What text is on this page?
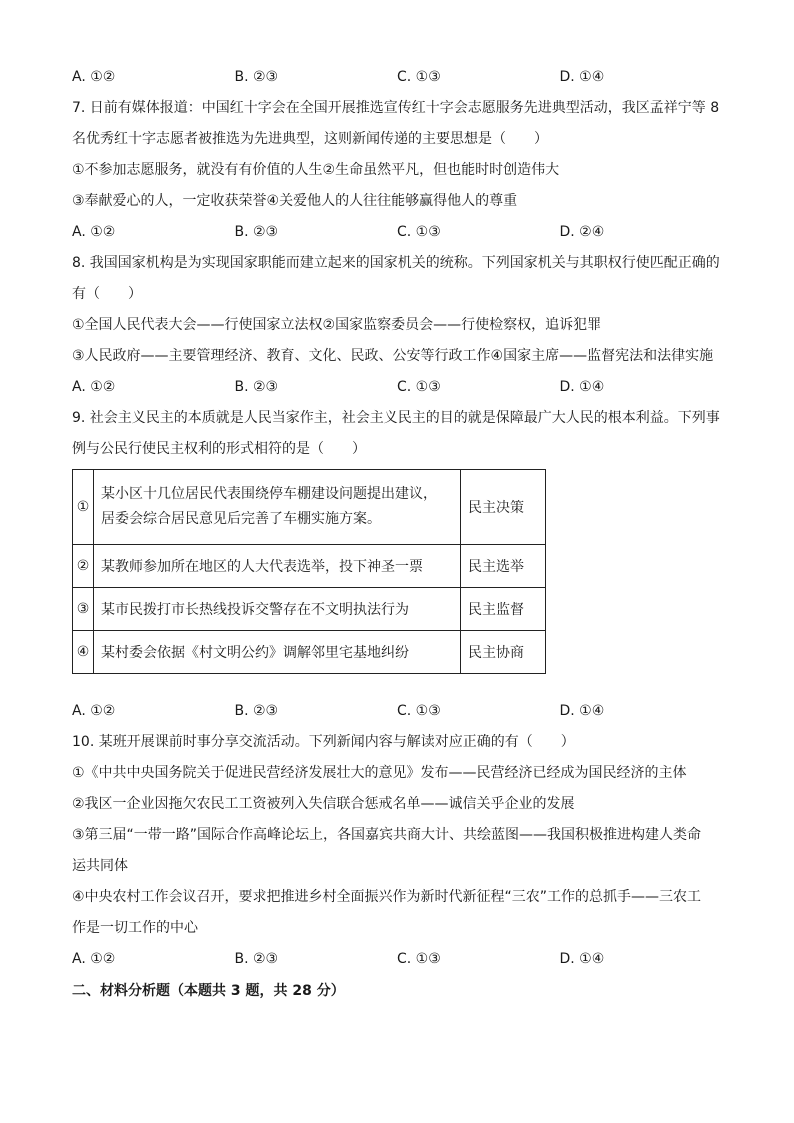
A. ①②	B. ②③	C. ①③	D. ①④
7. 日前有媒体报道：中国红十字会在全国开展推选宣传红十字会志愿服务先进典型活动，我区孟祥宁等 8
名优秀红十字志愿者被推选为先进典型，这则新闻传递的主要思想是（　　）
①不参加志愿服务，就没有有价值的人生②生命虽然平凡，但也能时时创造伟大
③奉献爱心的人，一定收获荣誉④关爱他人的人往往能够赢得他人的尊重
A. ①②	B. ②③	C. ①③	D. ②④
8. 我国国家机构是为实现国家职能而建立起来的国家机关的统称。下列国家机关与其职权行使匹配正确的
有（　　）
①全国人民代表大会——行使国家立法权②国家监察委员会——行使检察权，追诉犯罪
③人民政府——主要管理经济、教育、文化、民政、公安等行政工作④国家主席——监督宪法和法律实施
A. ①②	B. ②③	C. ①③	D. ①④
9. 社会主义民主的本质就是人民当家作主，社会主义民主的目的就是保障最广大人民的根本利益。下列事
例与公民行使民主权利的形式相符的是（　　）
①	某小区十几位居民代表围绕停车棚建设问题提出建议，
居委会综合居民意见后完善了车棚实施方案。	民主决策
②	某教师参加所在地区的人大代表选举，投下神圣一票	民主选举
③	某市民拨打市长热线投诉交警存在不文明执法行为	民主监督
④	某村委会依据《村文明公约》调解邻里宅基地纠纷	民主协商
A. ①②	B. ②③	C. ①③	D. ①④
10. 某班开展课前时事分享交流活动。下列新闻内容与解读对应正确的有（　　）
①《中共中央国务院关于促进民营经济发展壮大的意见》发布——民营经济已经成为国民经济的主体
②我区一企业因拖欠农民工工资被列入失信联合惩戒名单——诚信关乎企业的发展
③第三届“一带一路”国际合作高峰论坛上，各国嘉宾共商大计、共绘蓝图——我国积极推进构建人类命
运共同体
④中央农村工作会议召开，要求把推进乡村全面振兴作为新时代新征程“三农”工作的总抓手——三农工
作是一切工作的中心
A. ①②	B. ②③	C. ①③	D. ①④
二、材料分析题（本题共 3 题，共 28 分）
